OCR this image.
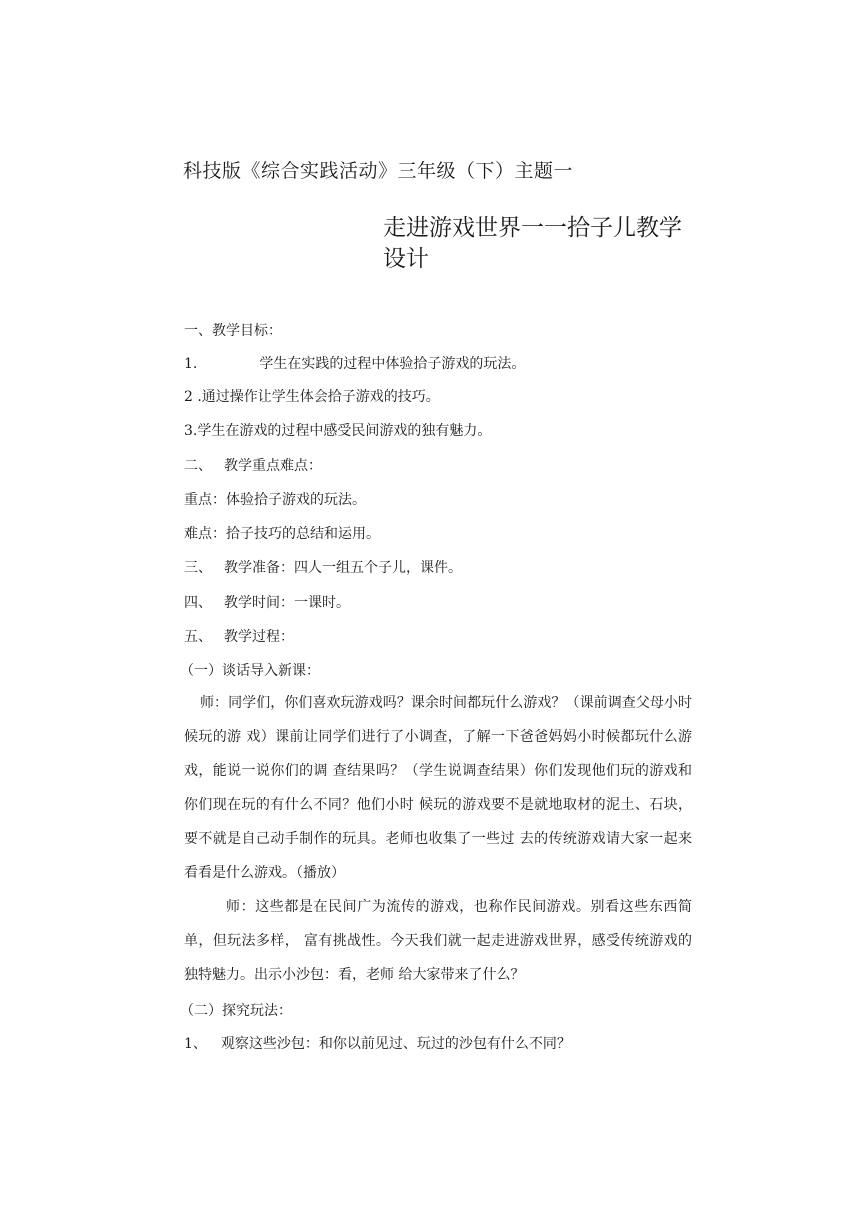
科技版《综合实践活动》三年级（下）主题一
走进游戏世界一一拾子儿教学设计
一、教学目标：
1.	学生在实践的过程中体验拾子游戏的玩法。
2 .通过操作让学生体会拾子游戏的技巧。
3.学生在游戏的过程中感受民间游戏的独有魅力。
二、 教学重点难点：
重点：体验拾子游戏的玩法。
难点：拾子技巧的总结和运用。
三、 教学准备：四人一组五个子儿，课件。
四、 教学时间：一课时。
五、 教学过程：
（一）谈话导入新课：
师：同学们，你们喜欢玩游戏吗？课余时间都玩什么游戏？（课前调查父母小时候玩的游 戏）课前让同学们进行了小调查，了解一下爸爸妈妈小时候都玩什么游戏，能说一说你们的调 查结果吗？（学生说调查结果）你们发现他们玩的游戏和你们现在玩的有什么不同？他们小时 候玩的游戏要不是就地取材的泥土、石块，要不就是自己动手制作的玩具。老师也收集了一些过 去的传统游戏请大家一起来看看是什么游戏。（播放）
师：这些都是在民间广为流传的游戏，也称作民间游戏。别看这些东西简单，但玩法多样， 富有挑战性。今天我们就一起走进游戏世界，感受传统游戏的独特魅力。出示小沙包：看，老师 给大家带来了什么？
（二）探究玩法：
1、 观察这些沙包：和你以前见过、玩过的沙包有什么不同？
